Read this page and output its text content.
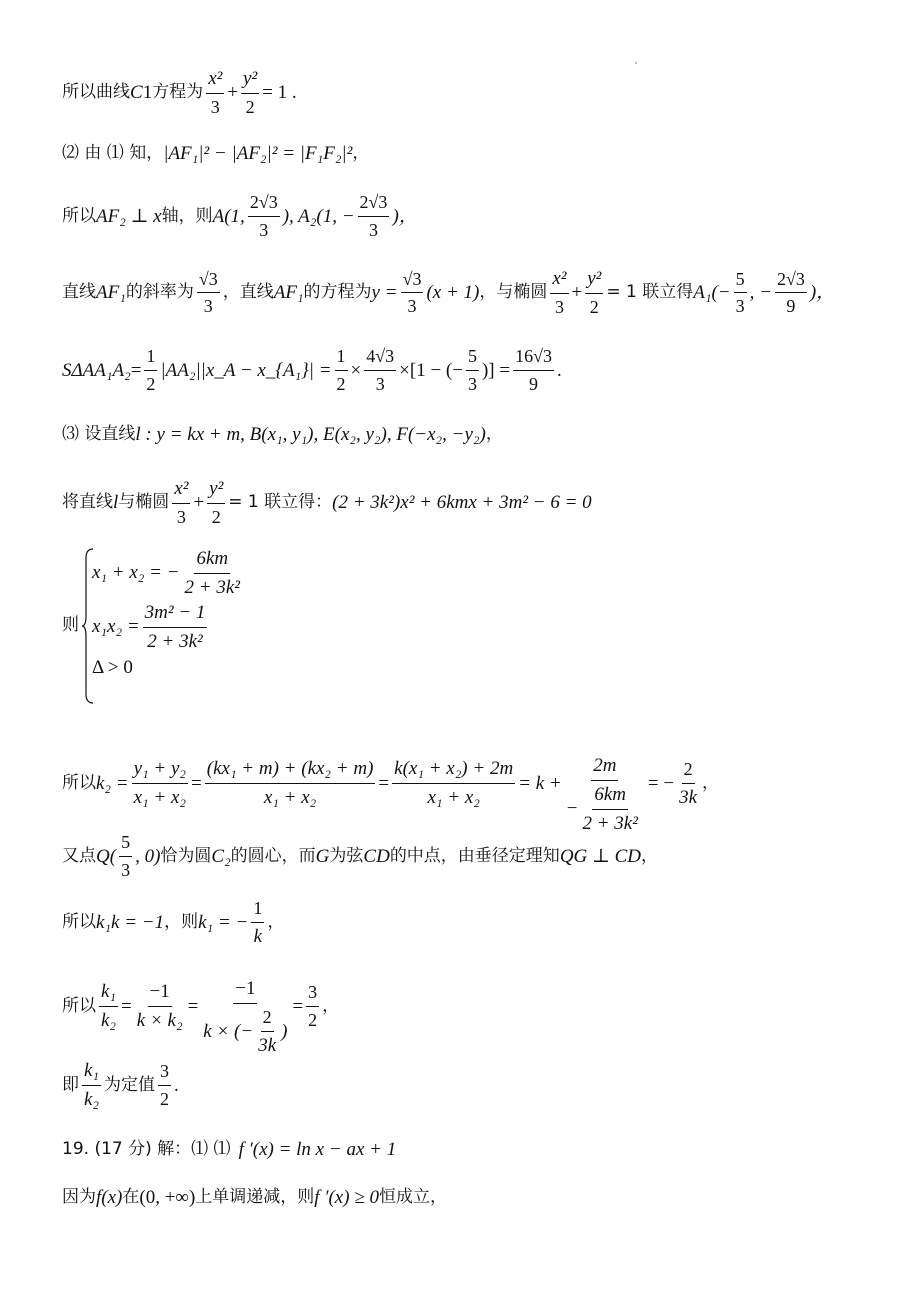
所以曲线 C 1 方程为 $\frac{\text{x²}}{3} + \frac{\text{y²}}{2} = 1$ .
⑵ 由 ⑴ 知， |AF₁|² − |AF₂|² = |F₁F₂|² ，
所以 AF₂ ⊥ x 轴，则 A(1, $\frac{2√3}{3}$ ), A₂(1, − $\frac{2√3}{3}$ )，
直线 AF₁ 的斜率为 $\frac{√3}{3}$ ，直线 AF₁ 的方程为 $y = \frac{√3}{3} (x + 1)$ ，与椭圆 $\frac{\text{x²}}{3} + \frac{\text{y²}}{2} = 1$ 联立得 $A_1(- \frac{5}{3}$ , − $\frac{2√3}{9}$ )，
S $\Delta AA_1A_2 = \frac{1}{2}$ |AA₂||x_A − x_{A₁}| = $\frac{1}{2} \times \frac{4√3}{3} \times [1$ − (− $\frac{5}{3}$ )] = $\frac{16√3}{9}$ .
⑶ 设直线 l : y = kx + m, B(x₁, y₁), E(x₂, y₂), F(−x₂, −y₂) ，
将直线 l 与椭圆 $\frac{\text{x²}}{3} + \frac{\text{y²}}{2} = 1$ 联立得： (2 + 3k²)x² + 6kmx + 3m² − 6 = 0
则
x₁ + x₂ = − $\frac{6km}{\text{2 + 3k²}}$
$x_1x_2 = \frac{\text{3m² − 1}}{\text{2 + 3k²}}$
Δ > 0
所以 $k_2 = \frac{\text{y₁ + y₂}}{\text{x₁ + x₂}} = \frac{\text{(kx₁ + m) + (kx₂ + m)}}{\text{x₁ + x₂}} = \frac{\text{k(x₁ + x₂) + 2m}}{\text{x₁ + x₂}} = k + \frac{2m}{- \frac{6km}{\text{2 + 3k²}}}$ = − $\frac{2}{3k}$ ，
又点 $Q( \frac{5}{3}$ , 0) 恰为圆 C₂ 的圆心，而 G 为弦 CD 的中点，由垂径定理知 QG ⊥ CD ，
所以 k₁k = −1 ，则 k₁ = − $\frac{1}{k}$ ，
所以 $\frac{\text{k₁}}{\text{k₂}} = \frac{-1}{\text{k × k₂}} = \frac{-1}{k \times (- \frac{2}{3k} )} = \frac{3}{2}$ ，
即 $\frac{\text{k₁}}{\text{k₂}}$ 为定值 $\frac{3}{2}$ .
19. (17 分) 解：⑴ ⑴ f ′(x) = ln x − ax + 1
因为 f(x) 在 (0, +∞) 上单调递减，则 f ′(x) ≥ 0 恒成立，
